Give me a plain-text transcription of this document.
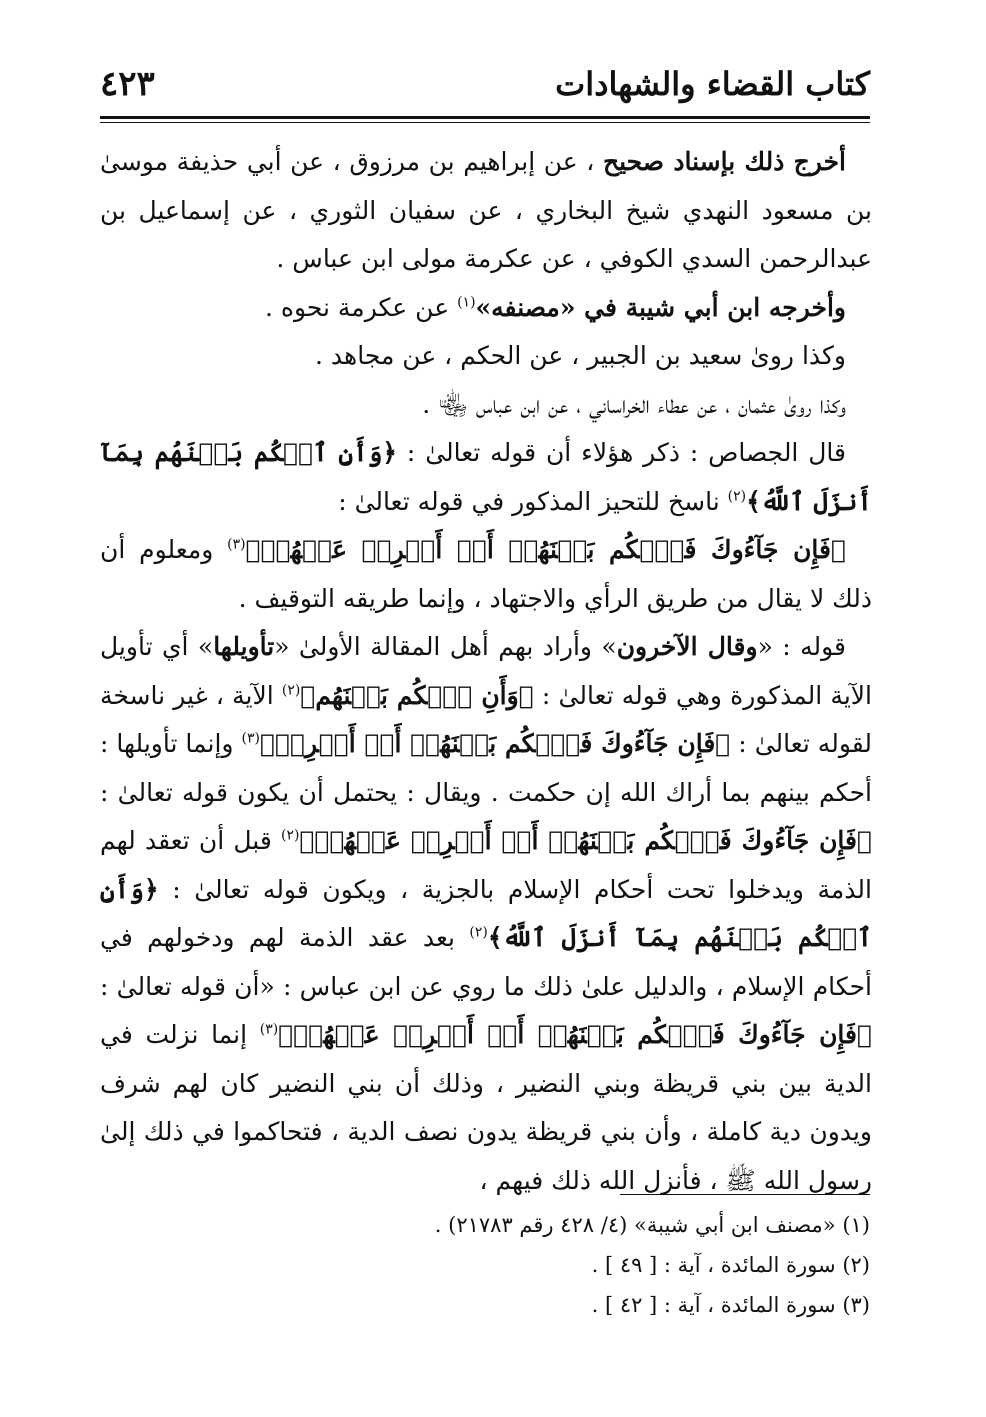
٤٢٣	كتاب القضاء والشهادات

أخرج ذلك بإسناد صحيح ، عن إبراهيم بن مرزوق ، عن أبي حذيفة موسىٰ بن مسعود النهدي شيخ البخاري ، عن سفيان الثوري ، عن إسماعيل بن عبدالرحمن السدي الكوفي ، عن عكرمة مولى ابن عباس .

وأخرجه ابن أبي شيبة في «مصنفه»$^{(١)}$ عن عكرمة نحوه .

وكذا روىٰ سعيد بن الجبير ، عن الحكم ، عن مجاهد .

وكذا روىٰ عثمان ، عن عطاء الخراساني ، عن ابن عباس ﵄ .

قال الجصاص : ذكر هؤلاء أن قوله تعالىٰ : ﴿وَأَنِ ٱحۡكُم بَيۡنَهُم بِمَآ أَنزَلَ ٱللَّهُ﴾$^{(٢)}$ ناسخ للتحيز المذكور في قوله تعالىٰ :

﴿فَإِن جَآءُوكَ فَٱحۡكُم بَيۡنَهُمۡ أَوۡ أَعۡرِضۡ عَنۡهُمۡ﴾$^{(٣)}$ ومعلوم أن ذلك لا يقال من طريق الرأي والاجتهاد ، وإنما طريقه التوقيف .

قوله : «وقال الآخرون» وأراد بهم أهل المقالة الأولىٰ «تأويلها» أي تأويل الآية المذكورة وهي قوله تعالىٰ : ﴿وَأَنِ ٱحۡكُم بَيۡنَهُم﴾$^{(٢)}$ الآية ، غير ناسخة لقوله تعالىٰ : ﴿فَإِن جَآءُوكَ فَٱحۡكُم بَيۡنَهُمۡ أَوۡ أَعۡرِضۡ﴾$^{(٣)}$ وإنما تأويلها : أحكم بينهم بما أراك الله إن حكمت . ويقال : يحتمل أن يكون قوله تعالىٰ : ﴿فَإِن جَآءُوكَ فَٱحۡكُم بَيۡنَهُمۡ أَوۡ أَعۡرِضۡ عَنۡهُمۡ﴾$^{(٢)}$ قبل أن تعقد لهم الذمة ويدخلوا تحت أحكام الإسلام بالجزية ، ويكون قوله تعالىٰ : ﴿وَأَنِ ٱحۡكُم بَيۡنَهُم بِمَآ أَنزَلَ ٱللَّهُ﴾$^{(٢)}$ بعد عقد الذمة لهم ودخولهم في أحكام الإسلام ، والدليل علىٰ ذلك ما روي عن ابن عباس : «أن قوله تعالىٰ : ﴿فَإِن جَآءُوكَ فَٱحۡكُم بَيۡنَهُمۡ أَوۡ أَعۡرِضۡ عَنۡهُمۡ﴾$^{(٣)}$ إنما نزلت في الدية بين بني قريظة وبني النضير ، وذلك أن بني النضير كان لهم شرف ويدون دية كاملة ، وأن بني قريظة يدون نصف الدية ، فتحاكموا في ذلك إلىٰ رسول الله ﷺ ، فأنزل الله ذلك فيهم ،

(١) «مصنف ابن أبي شيبة» (٤/ ٤٢٨ رقم ٢١٧٨٣) .
(٢) سورة المائدة ، آية : [ ٤٩ ] .
(٣) سورة المائدة ، آية : [ ٤٢ ] .
